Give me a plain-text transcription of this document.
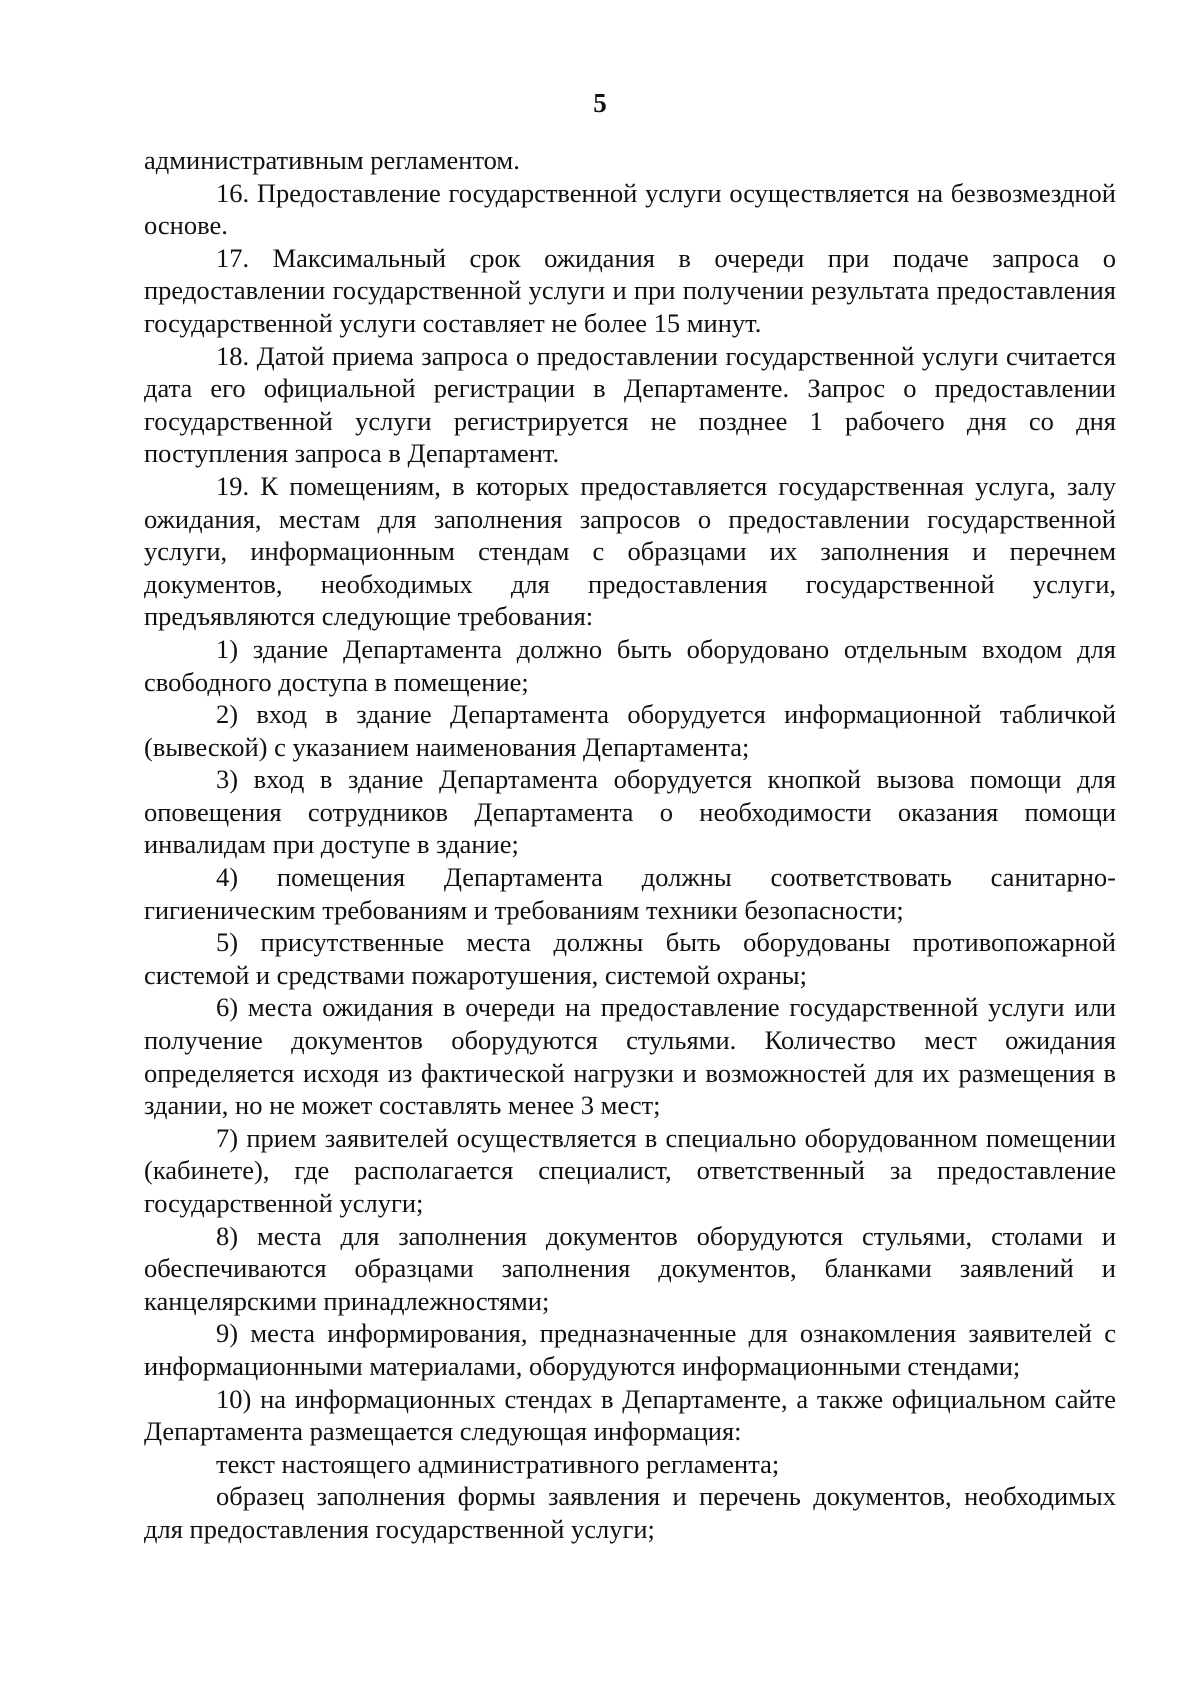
5

административным регламентом.

16. Предоставление государственной услуги осуществляется на безвозмездной основе.

17. Максимальный срок ожидания в очереди при подаче запроса о предоставлении государственной услуги и при получении результата предоставления государственной услуги составляет не более 15 минут.

18. Датой приема запроса о предоставлении государственной услуги считается дата его официальной регистрации в Департаменте. Запрос о предоставлении государственной услуги регистрируется не позднее 1 рабочего дня со дня поступления запроса в Департамент.

19. К помещениям, в которых предоставляется государственная услуга, залу ожидания, местам для заполнения запросов о предоставлении государственной услуги, информационным стендам с образцами их заполнения и перечнем документов, необходимых для предоставления государственной услуги, предъявляются следующие требования:

1) здание Департамента должно быть оборудовано отдельным входом для свободного доступа в помещение;

2) вход в здание Департамента оборудуется информационной табличкой (вывеской) с указанием наименования Департамента;

3) вход в здание Департамента оборудуется кнопкой вызова помощи для оповещения сотрудников Департамента о необходимости оказания помощи инвалидам при доступе в здание;

4) помещения Департамента должны соответствовать санитарно-гигиеническим требованиям и требованиям техники безопасности;

5) присутственные места должны быть оборудованы противопожарной системой и средствами пожаротушения, системой охраны;

6) места ожидания в очереди на предоставление государственной услуги или получение документов оборудуются стульями. Количество мест ожидания определяется исходя из фактической нагрузки и возможностей для их размещения в здании, но не может составлять менее 3 мест;

7) прием заявителей осуществляется в специально оборудованном помещении (кабинете), где располагается специалист, ответственный за предоставление государственной услуги;

8) места для заполнения документов оборудуются стульями, столами и обеспечиваются образцами заполнения документов, бланками заявлений и канцелярскими принадлежностями;

9) места информирования, предназначенные для ознакомления заявителей с информационными материалами, оборудуются информационными стендами;

10) на информационных стендах в Департаменте, а также официальном сайте Департамента размещается следующая информация:

текст настоящего административного регламента;

образец заполнения формы заявления и перечень документов, необходимых для предоставления государственной услуги;
